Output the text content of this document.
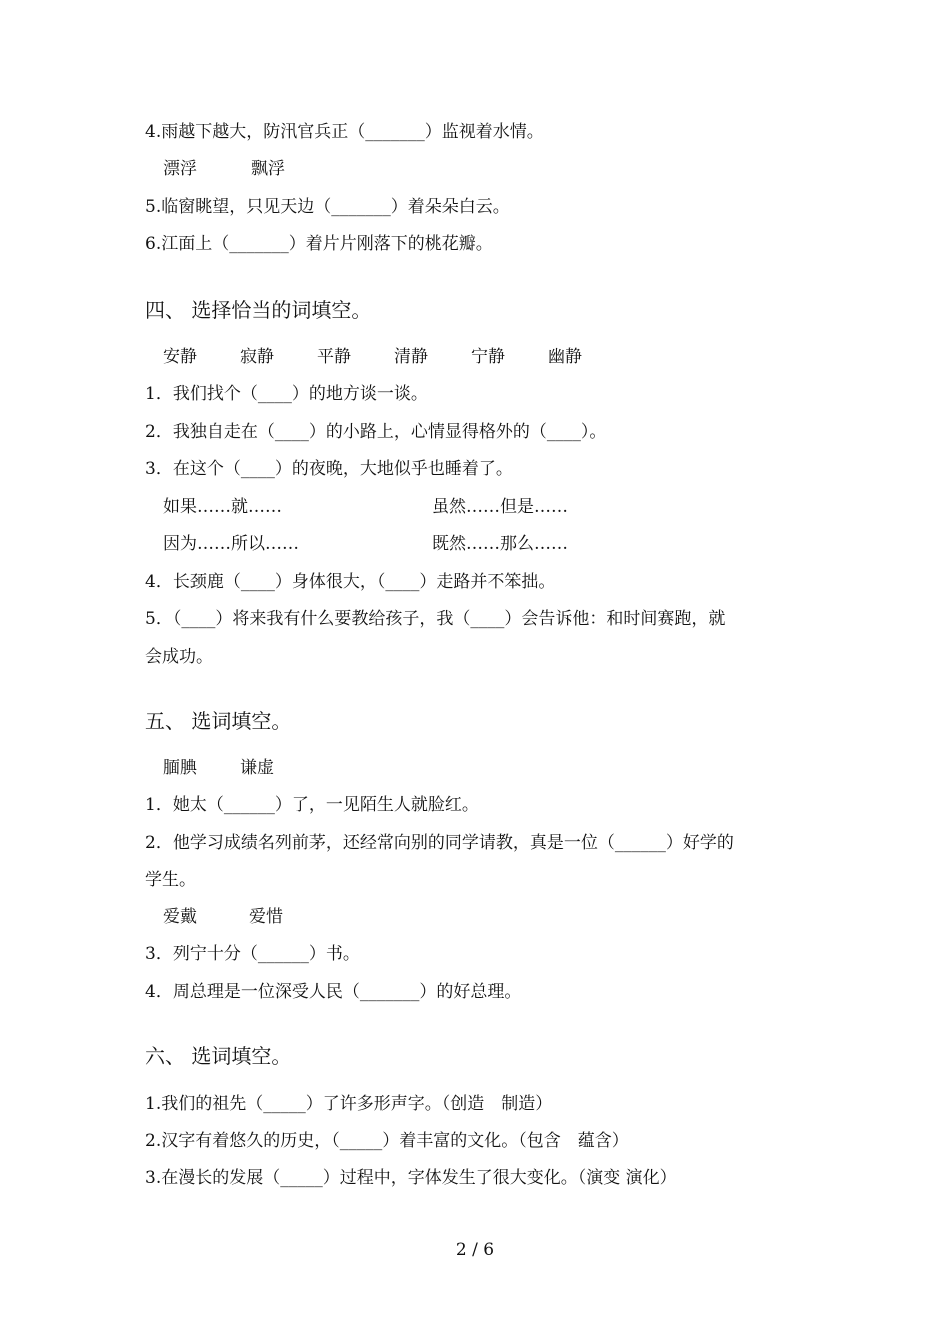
4.雨越下越大，防汛官兵正（_______）监视着水情。
漂浮	飘浮
5.临窗眺望，只见天边（_______）着朵朵白云。
6.江面上（_______）着片片刚落下的桃花瓣。
四、 选择恰当的词填空。
安静	寂静	平静	清静	宁静	幽静
1．我们找个（____）的地方谈一谈。
2．我独自走在（____）的小路上，心情显得格外的（____）。
3．在这个（____）的夜晚，大地似乎也睡着了。
如果……就……	虽然……但是……
因为……所以……	既然……那么……
4．长颈鹿（____）身体很大，（____）走路并不笨拙。
5．（____）将来我有什么要教给孩子，我（____）会告诉他：和时间赛跑，就
会成功。
五、 选词填空。
腼腆	谦虚
1．她太（______）了，一见陌生人就脸红。
2．他学习成绩名列前茅，还经常向别的同学请教，真是一位（______）好学的
学生。
爱戴	爱惜
3．列宁十分（______）书。
4．周总理是一位深受人民（_______）的好总理。
六、 选词填空。
1.我们的祖先（_____）了许多形声字。（创造　制造）
2.汉字有着悠久的历史，（_____）着丰富的文化。（包含　蕴含）
3.在漫长的发展（_____）过程中，字体发生了很大变化。（演变 演化）
2 / 6
